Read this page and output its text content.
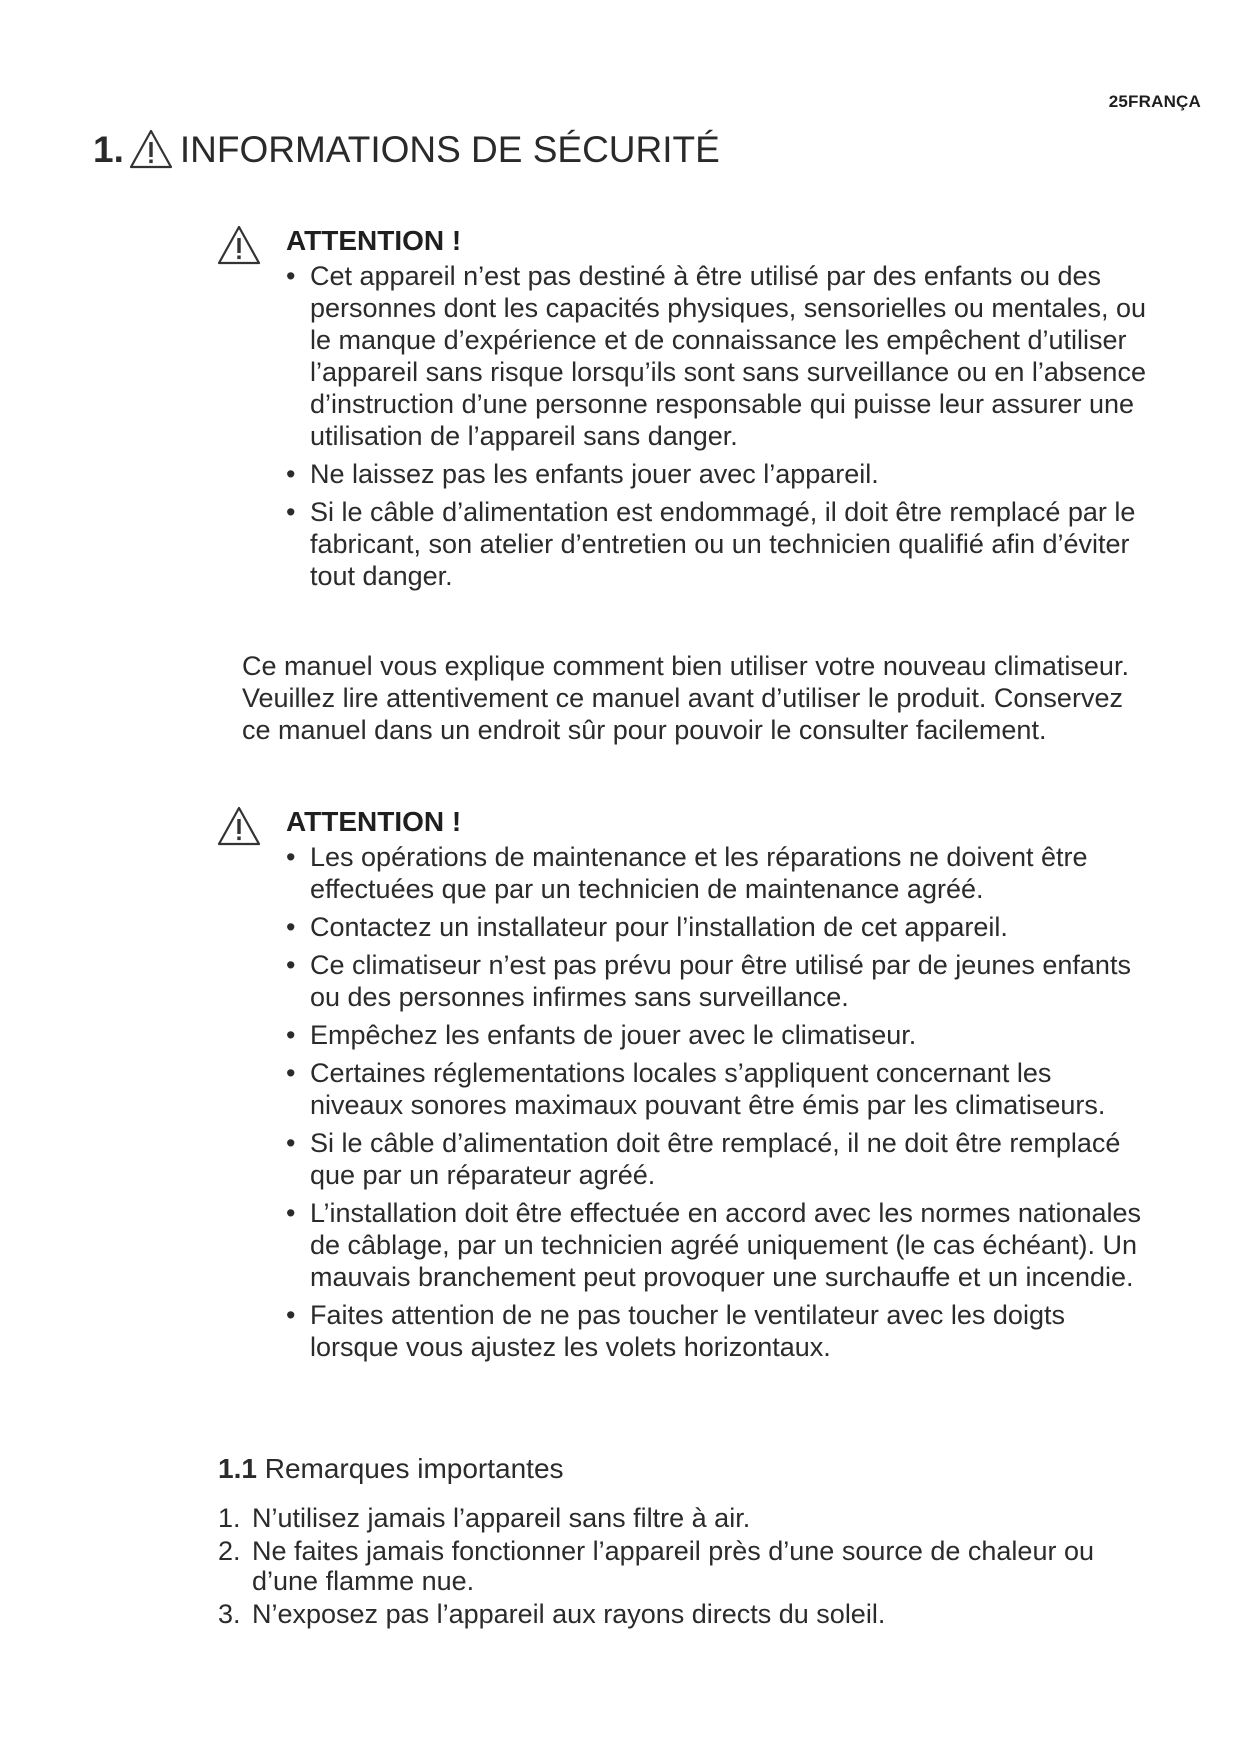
25FRANÇA
1. INFORMATIONS DE SÉCURITÉ
ATTENTION !
• Cet appareil n’est pas destiné à être utilisé par des enfants ou des personnes dont les capacités physiques, sensorielles ou mentales, ou le manque d’expérience et de connaissance les empêchent d’utiliser l’appareil sans risque lorsqu’ils sont sans surveillance ou en l’absence d’instruction d’une personne responsable qui puisse leur assurer une utilisation de l’appareil sans danger.
• Ne laissez pas les enfants jouer avec l’appareil.
• Si le câble d’alimentation est endommagé, il doit être remplacé par le fabricant, son atelier d’entretien ou un technicien qualifié afin d’éviter tout danger.

Ce manuel vous explique comment bien utiliser votre nouveau climatiseur. Veuillez lire attentivement ce manuel avant d’utiliser le produit. Conservez ce manuel dans un endroit sûr pour pouvoir le consulter facilement.

ATTENTION !
• Les opérations de maintenance et les réparations ne doivent être effectuées que par un technicien de maintenance agréé.
• Contactez un installateur pour l’installation de cet appareil.
• Ce climatiseur n’est pas prévu pour être utilisé par de jeunes enfants ou des personnes infirmes sans surveillance.
• Empêchez les enfants de jouer avec le climatiseur.
• Certaines réglementations locales s’appliquent concernant les niveaux sonores maximaux pouvant être émis par les climatiseurs.
• Si le câble d’alimentation doit être remplacé, il ne doit être remplacé que par un réparateur agréé.
• L’installation doit être effectuée en accord avec les normes nationales de câblage, par un technicien agréé uniquement (le cas échéant). Un mauvais branchement peut provoquer une surchauffe et un incendie.
• Faites attention de ne pas toucher le ventilateur avec les doigts lorsque vous ajustez les volets horizontaux.
1.1 Remarques importantes
1. N’utilisez jamais l’appareil sans filtre à air.
2. Ne faites jamais fonctionner l’appareil près d’une source de chaleur ou d’une flamme nue.
3. N’exposez pas l’appareil aux rayons directs du soleil.
